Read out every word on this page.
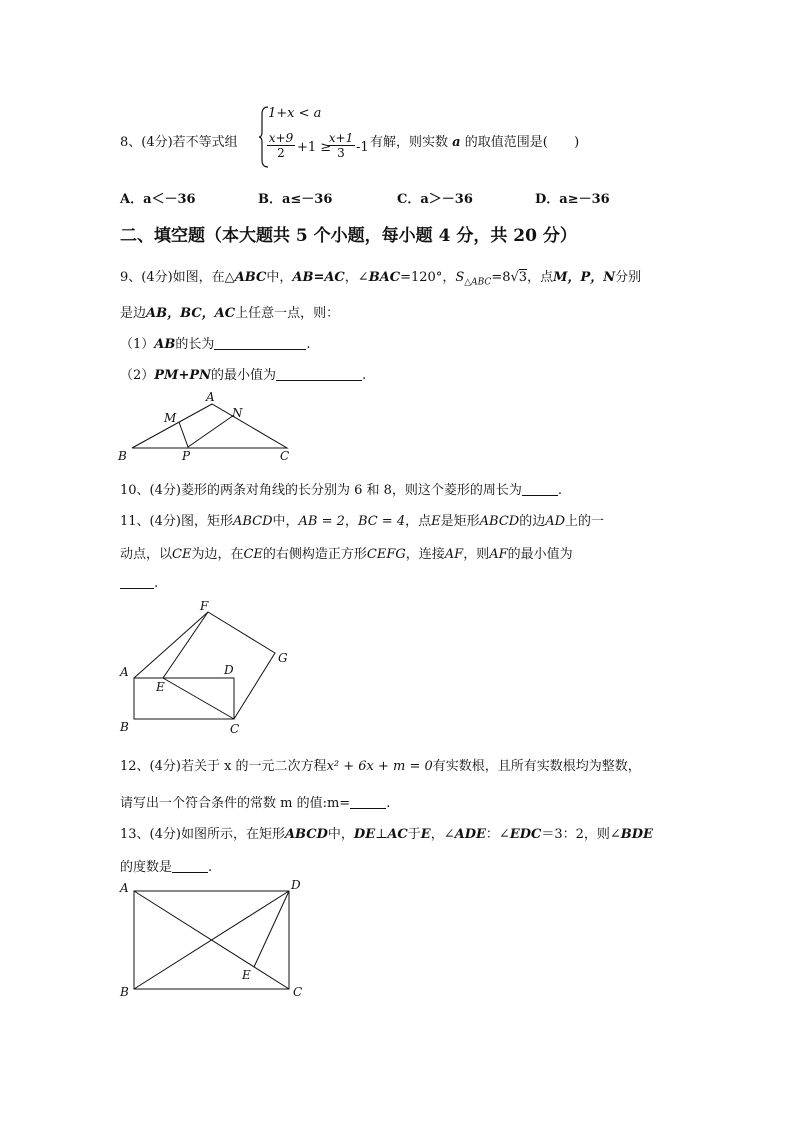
8、(4分)若不等式组
1+x < a
$\frac{x+9}{2} +1$ ≥
$\frac{x+1}{3} -1$ 有解，则实数 a 的取值范围是( )
A．a＜－36	B．a≤－36	C．a＞－36	D．a≥－36
二、填空题（本大题共 5 个小题，每小题 4 分，共 20 分）
9、(4分)如图，在△ABC中，AB=AC，∠BAC=120°，$S_{\triangle ABC}=8√3$，点M，P，N分别
是边AB，BC，AC上任意一点，则：
（1）AB的长为	.
（2）PM+PN的最小值为	.
A
B	C
M	N
P
10、(4分)菱形的两条对角线的长分别为 6 和 8，则这个菱形的周长为	.
11、(4分)图，矩形ABCD中，AB = 2，BC = 4，点E是矩形ABCD的边AD上的一
动点，以CE为边，在CE的右侧构造正方形CEFG，连接AF，则AF的最小值为
.
A
B	C
D
E
F
G
12、(4分)若关于 x 的一元二次方程x² + 6x + m = 0有实数根，且所有实数根均为整数，
请写出一个符合条件的常数 m 的值:m=	.
13、(4分)如图所示，在矩形ABCD中，DE⊥AC于E，∠ADE：∠EDC＝3：2，则∠BDE
的度数是	.
A
B	C
D
E
